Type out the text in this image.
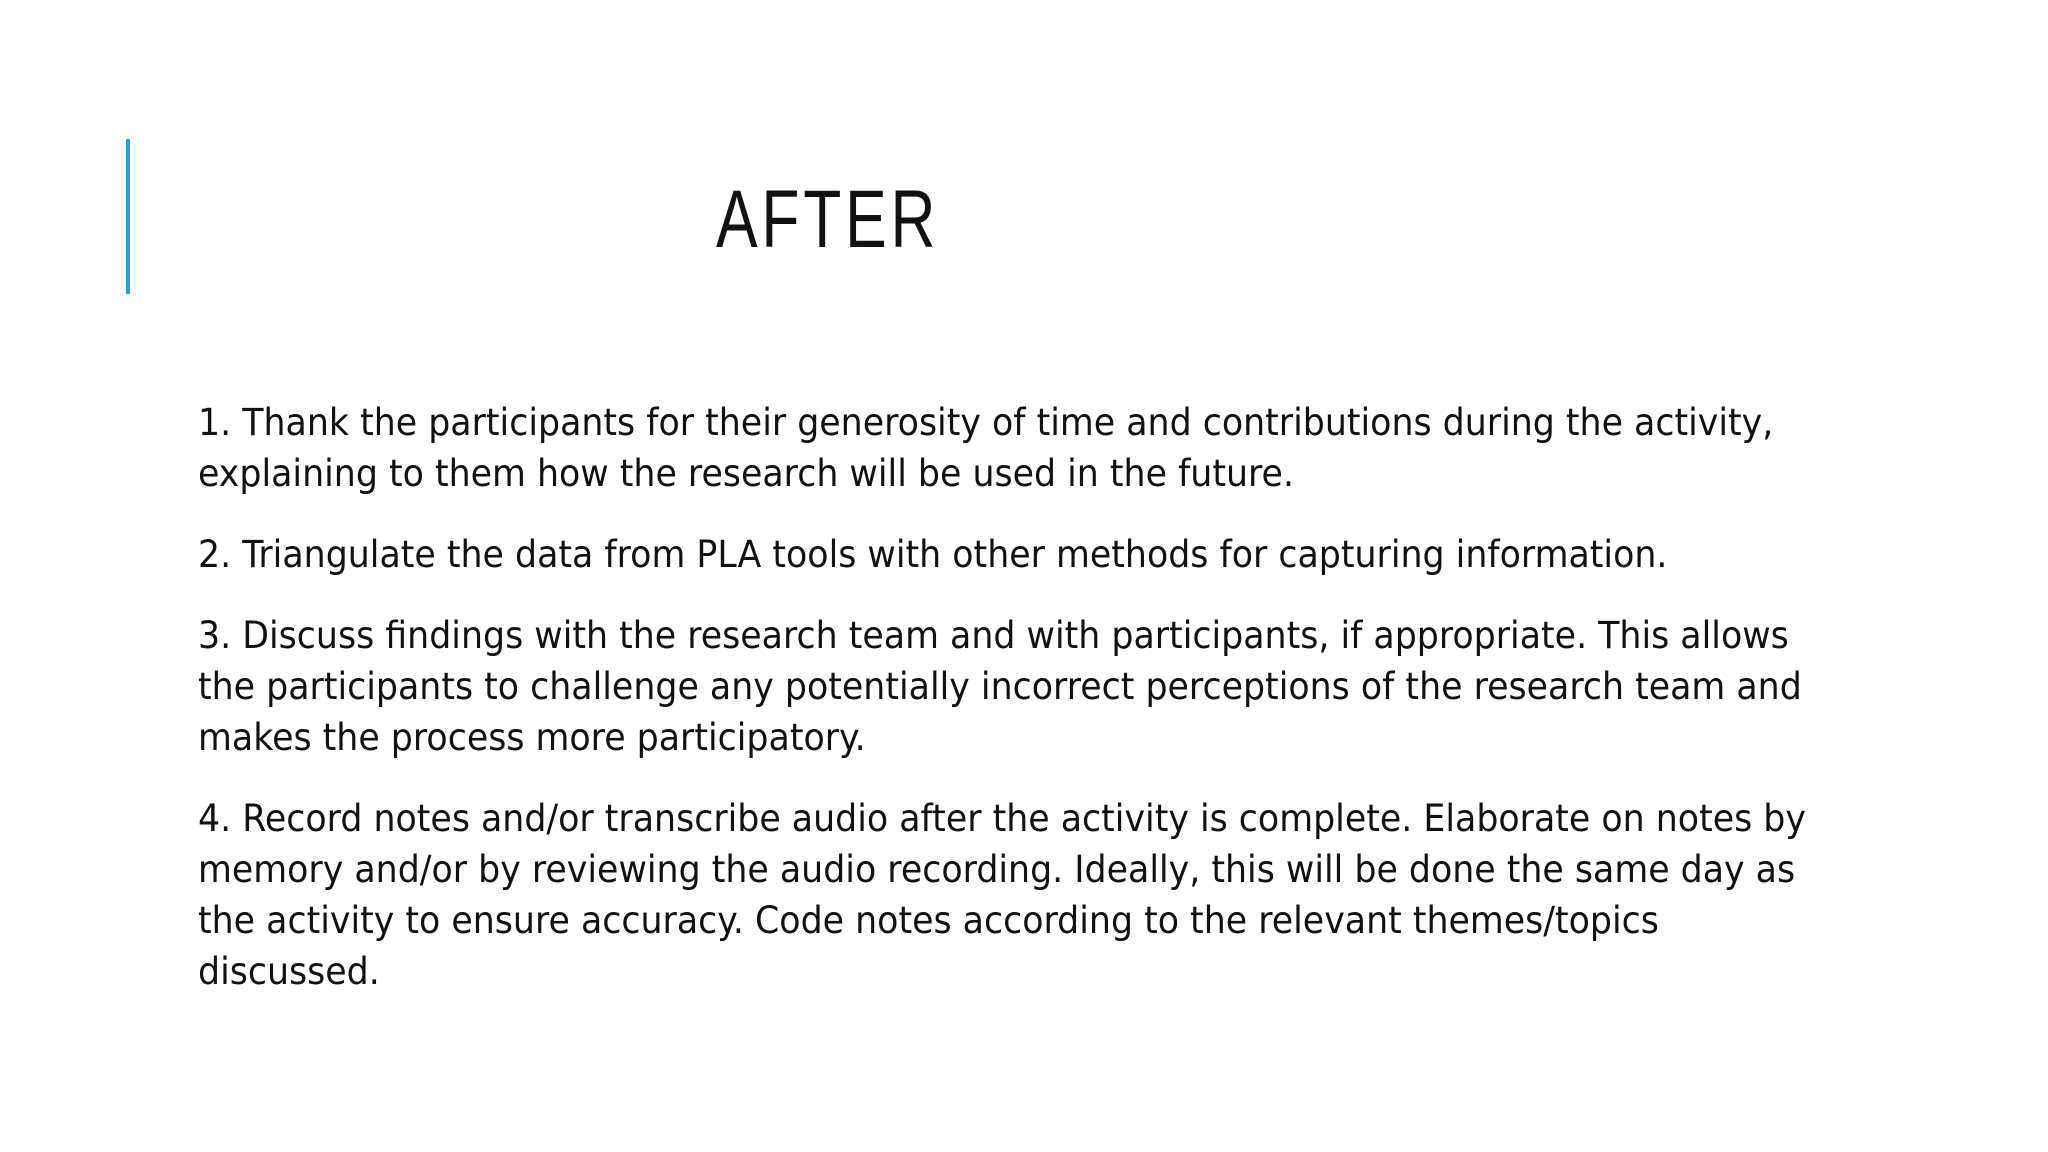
AFTER
1. Thank the participants for their generosity of time and contributions during the activity, explaining to them how the research will be used in the future.
2. Triangulate the data from PLA tools with other methods for capturing information.
3. Discuss findings with the research team and with participants, if appropriate. This allows the participants to challenge any potentially incorrect perceptions of the research team and makes the process more participatory.
4. Record notes and/or transcribe audio after the activity is complete. Elaborate on notes by memory and/or by reviewing the audio recording. Ideally, this will be done the same day as the activity to ensure accuracy. Code notes according to the relevant themes/topics discussed.
